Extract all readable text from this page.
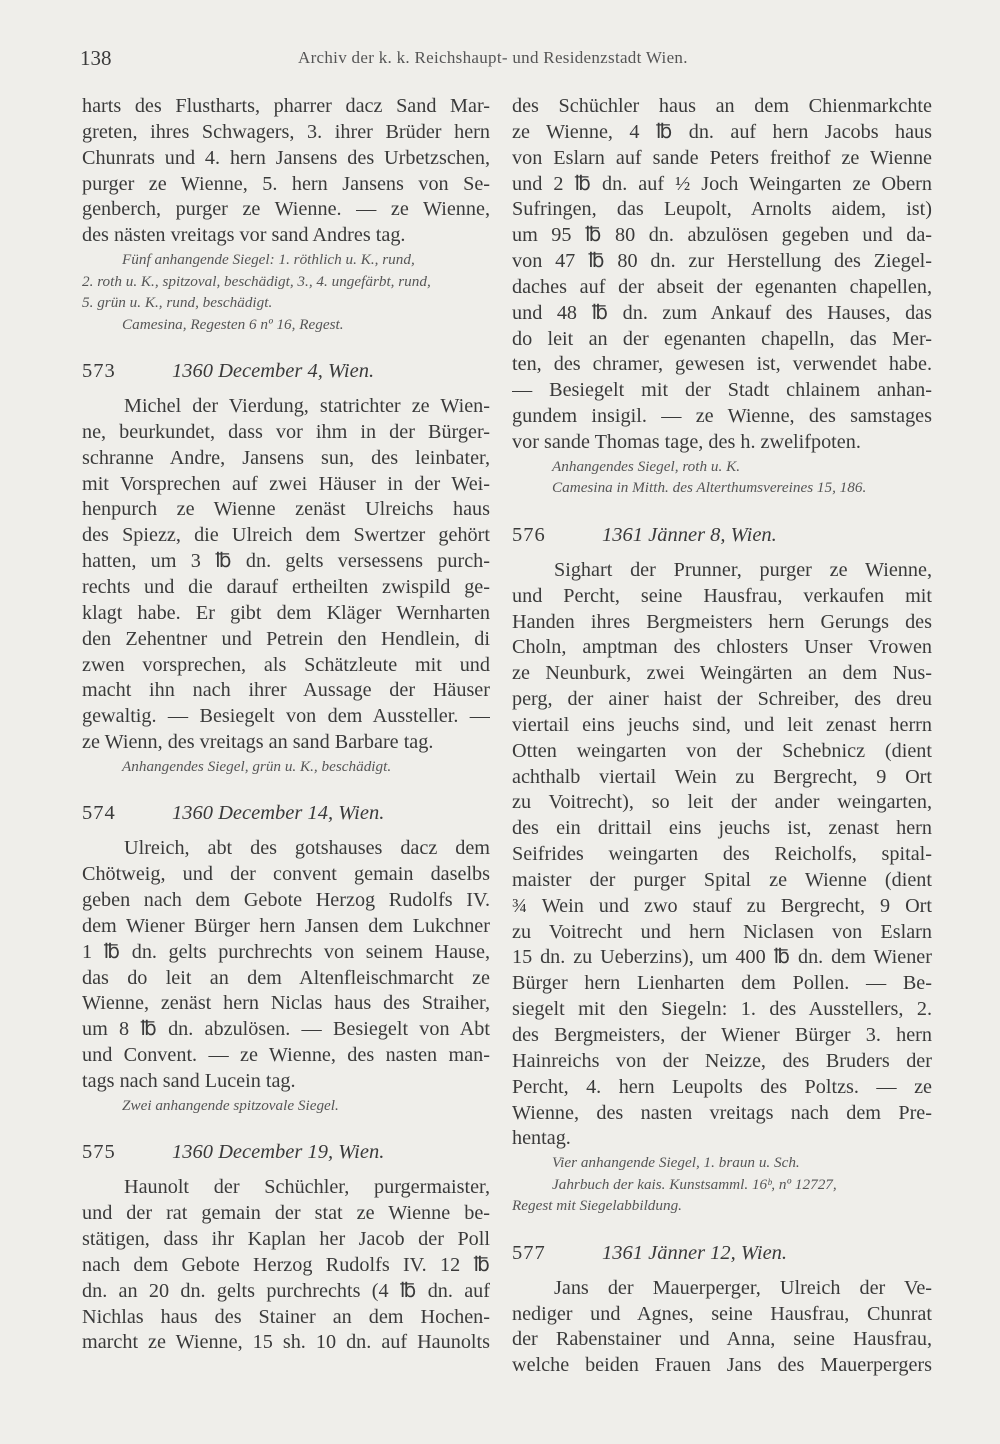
138	Archiv der k. k. Reichshaupt- und Residenzstadt Wien.
harts des Flustharts, pharrer dacz Sand Mar-
greten, ihres Schwagers, 3. ihrer Brüder hern
Chunrats und 4. hern Jansens des Urbetzschen,
purger ze Wienne, 5. hern Jansens von Se-
genberch, purger ze Wienne. — ze Wienne,
des nästen vreitags vor sand Andres tag.
Fünf anhangende Siegel: 1. röthlich u. K., rund,
2. roth u. K., spitzoval, beschädigt, 3., 4. ungefärbt, rund,
5. grün u. K., rund, beschädigt.
Camesina, Regesten 6 nº 16, Regest.
573	1360 December 4, Wien.
Michel der Vierdung, statrichter ze Wien-
ne, beurkundet, dass vor ihm in der Bürger-
schranne Andre, Jansens sun, des leinbater,
mit Vorsprechen auf zwei Häuser in der Wei-
henpurch ze Wienne zenäst Ulreichs haus
des Spiezz, die Ulreich dem Swertzer gehört
hatten, um 3 ℔ dn. gelts versessens purch-
rechts und die darauf ertheilten zwispild ge-
klagt habe. Er gibt dem Kläger Wernharten
den Zehentner und Petrein den Hendlein, di
zwen vorsprechen, als Schätzleute mit und
macht ihn nach ihrer Aussage der Häuser
gewaltig. — Besiegelt von dem Aussteller. —
ze Wienn, des vreitags an sand Barbare tag.
Anhangendes Siegel, grün u. K., beschädigt.
574	1360 December 14, Wien.
Ulreich, abt des gotshauses dacz dem
Chötweig, und der convent gemain daselbs
geben nach dem Gebote Herzog Rudolfs IV.
dem Wiener Bürger hern Jansen dem Lukchner
1 ℔ dn. gelts purchrechts von seinem Hause,
das do leit an dem Altenfleischmarcht ze
Wienne, zenäst hern Niclas haus des Straiher,
um 8 ℔ dn. abzulösen. — Besiegelt von Abt
und Convent. — ze Wienne, des nasten man-
tags nach sand Lucein tag.
Zwei anhangende spitzovale Siegel.
575	1360 December 19, Wien.
Haunolt der Schüchler, purgermaister,
und der rat gemain der stat ze Wienne be-
stätigen, dass ihr Kaplan her Jacob der Poll
nach dem Gebote Herzog Rudolfs IV. 12 ℔
dn. an 20 dn. gelts purchrechts (4 ℔ dn. auf
Nichlas haus des Stainer an dem Hochen-
marcht ze Wienne, 15 sh. 10 dn. auf Haunolts
des Schüchler haus an dem Chienmarkchte
ze Wienne, 4 ℔ dn. auf hern Jacobs haus
von Eslarn auf sande Peters freithof ze Wienne
und 2 ℔ dn. auf ½ Joch Weingarten ze Obern
Sufringen, das Leupolt, Arnolts aidem, ist)
um 95 ℔ 80 dn. abzulösen gegeben und da-
von 47 ℔ 80 dn. zur Herstellung des Ziegel-
daches auf der abseit der egenanten chapellen,
und 48 ℔ dn. zum Ankauf des Hauses, das
do leit an der egenanten chapelln, das Mer-
ten, des chramer, gewesen ist, verwendet habe.
— Besiegelt mit der Stadt chlainem anhan-
gundem insigil. — ze Wienne, des samstages
vor sande Thomas tage, des h. zwelifpoten.
Anhangendes Siegel, roth u. K.
Camesina in Mitth. des Alterthumsvereines 15, 186.
576	1361 Jänner 8, Wien.
Sighart der Prunner, purger ze Wienne,
und Percht, seine Hausfrau, verkaufen mit
Handen ihres Bergmeisters hern Gerungs des
Choln, amptman des chlosters Unser Vrowen
ze Neunburk, zwei Weingärten an dem Nus-
perg, der ainer haist der Schreiber, des dreu
viertail eins jeuchs sind, und leit zenast herrn
Otten weingarten von der Schebnicz (dient
achthalb viertail Wein zu Bergrecht, 9 Ort
zu Voitrecht), so leit der ander weingarten,
des ein drittail eins jeuchs ist, zenast hern
Seifrides weingarten des Reicholfs, spital-
maister der purger Spital ze Wienne (dient
¾ Wein und zwo stauf zu Bergrecht, 9 Ort
zu Voitrecht und hern Niclasen von Eslarn
15 dn. zu Ueberzins), um 400 ℔ dn. dem Wiener
Bürger hern Lienharten dem Pollen. — Be-
siegelt mit den Siegeln: 1. des Ausstellers, 2.
des Bergmeisters, der Wiener Bürger 3. hern
Hainreichs von der Neizze, des Bruders der
Percht, 4. hern Leupolts des Poltzs. — ze
Wienne, des nasten vreitags nach dem Pre-
hentag.
Vier anhangende Siegel, 1. braun u. Sch.
Jahrbuch der kais. Kunstsamml. 16ᵇ, nº 12727,
Regest mit Siegelabbildung.
577	1361 Jänner 12, Wien.
Jans der Mauerperger, Ulreich der Ve-
nediger und Agnes, seine Hausfrau, Chunrat
der Rabenstainer und Anna, seine Hausfrau,
welche beiden Frauen Jans des Mauerpergers
